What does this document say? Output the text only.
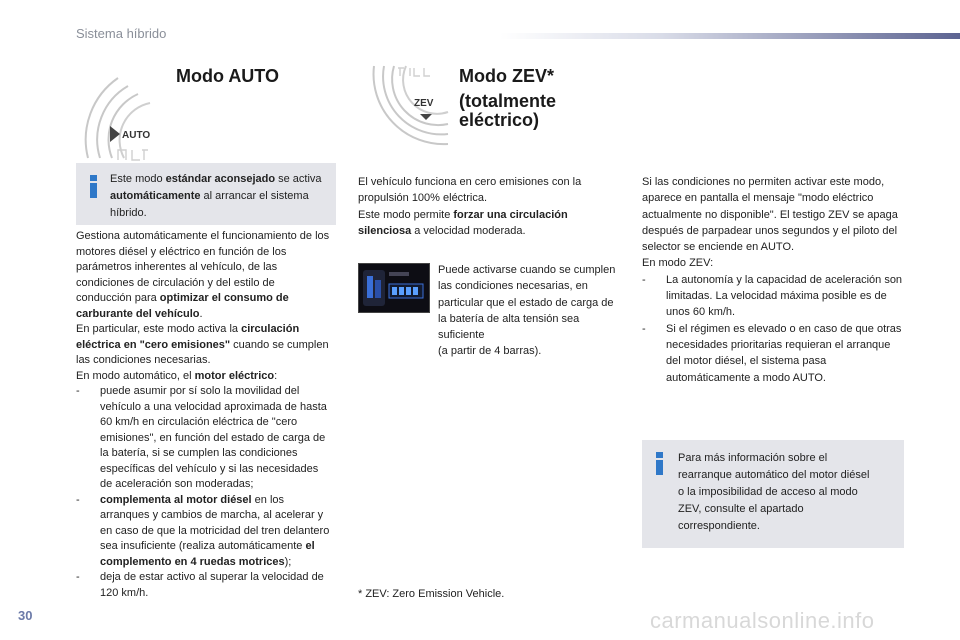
Sistema híbrido
AUTO
Modo AUTO
Este modo estándar aconsejado se activa automáticamente al arrancar el sistema híbrido.
Gestiona automáticamente el funcionamiento de los motores diésel y eléctrico en función de los parámetros inherentes al vehículo, de las condiciones de circulación y del estilo de conducción para optimizar el consumo de carburante del vehículo.
En particular, este modo activa la circulación eléctrica en "cero emisiones" cuando se cumplen las condiciones necesarias.
En modo automático, el motor eléctrico:
-	puede asumir por sí solo la movilidad del vehículo a una velocidad aproximada de hasta 60 km/h en circulación eléctrica de "cero emisiones", en función del estado de carga de la batería, si se cumplen las condiciones específicas del vehículo y si las necesidades de aceleración son moderadas;
-	complementa al motor diésel en los arranques y cambios de marcha, al acelerar y en caso de que la motricidad del tren delantero sea insuficiente (realiza automáticamente el complemento en 4 ruedas motrices);
-	deja de estar activo al superar la velocidad de 120 km/h.
ZEV
Modo ZEV*
(totalmente
eléctrico)
El vehículo funciona en cero emisiones con la propulsión 100% eléctrica.
Este modo permite forzar una circulación silenciosa a velocidad moderada.
Puede activarse cuando se cumplen las condiciones necesarias, en particular que el estado de carga de la batería de alta tensión sea suficiente
(a partir de 4 barras).
* ZEV: Zero Emission Vehicle.
Si las condiciones no permiten activar este modo, aparece en pantalla el mensaje "modo eléctrico actualmente no disponible". El testigo ZEV se apaga después de parpadear unos segundos y el piloto del selector se enciende en AUTO.
En modo ZEV:
-	La autonomía y la capacidad de aceleración son limitadas. La velocidad máxima posible es de unos 60 km/h.
-	Si el régimen es elevado o en caso de que otras necesidades prioritarias requieran el arranque del motor diésel, el sistema pasa automáticamente a modo AUTO.
Para más información sobre el rearranque automático del motor diésel o la imposibilidad de acceso al modo ZEV, consulte el apartado correspondiente.
30	carmanualsonline.info
